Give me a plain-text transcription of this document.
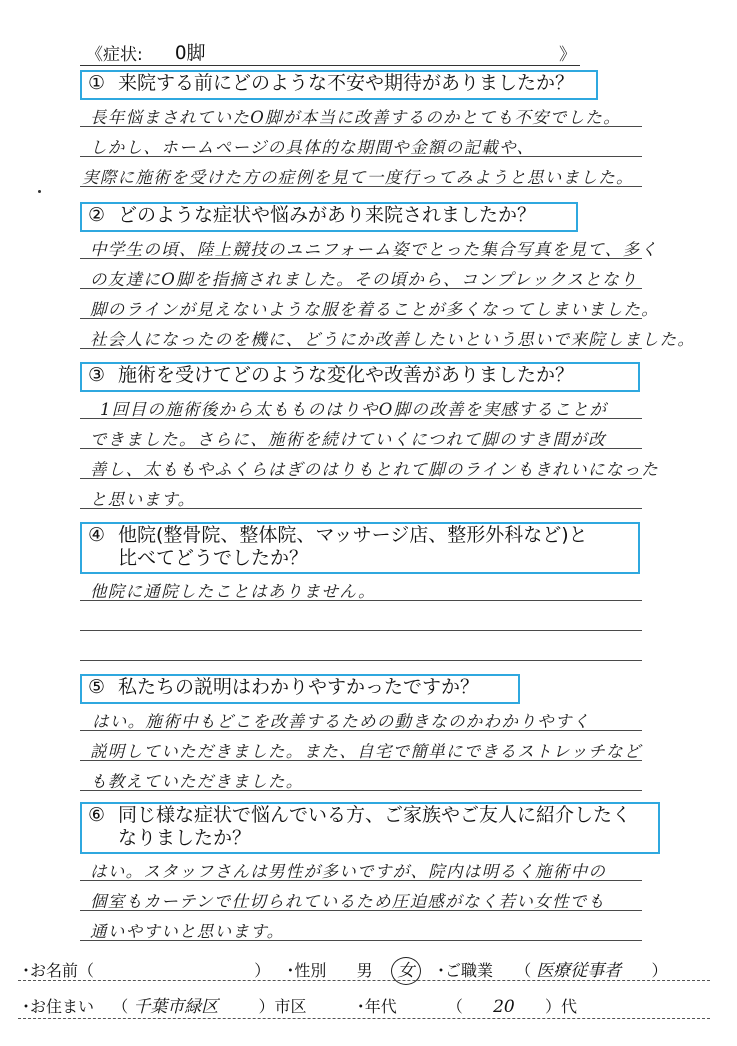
《症状: O脚	》
① 来院する前にどのような不安や期待がありましたか？
長年悩まされていたO脚が本当に改善するのかとても不安でした。
しかし、ホームページの具体的な期間や金額の記載や、
実際に施術を受けた方の症例を見て一度行ってみようと思いました。
② どのような症状や悩みがあり来院されましたか？
中学生の頃、陸上競技のユニフォーム姿でとった集合写真を見て、多く
の友達にO脚を指摘されました。その頃から、コンプレックスとなり
脚のラインが見えないような服を着ることが多くなってしまいました。
社会人になったのを機に、どうにか改善したいという思いで来院しました。
③ 施術を受けてどのような変化や改善がありましたか？
1回目の施術後から太もものはりやO脚の改善を実感することが
できました。さらに、施術を続けていくにつれて脚のすき間が改
善し、太ももやふくらはぎのはりもとれて脚のラインもきれいになった
と思います。
④ 他院(整骨院、整体院、マッサージ店、整形外科など)と
比べてどうでしたか？
他院に通院したことはありません。
⑤ 私たちの説明はわかりやすかったですか？
はい。施術中もどこを改善するための動きなのかわかりやすく
説明していただきました。また、自宅で簡単にできるストレッチなど
も教えていただきました。
⑥ 同じ様な症状で悩んでいる方、ご家族やご友人に紹介したく
なりましたか？
はい。スタッフさんは男性が多いですが、院内は明るく施術中の
個室もカーテンで仕切られているため圧迫感がなく若い女性でも
通いやすいと思います。
･お名前（	） ･性別 男 女 ･ご職業 （ 医療従事者 ）
･お住まい （ 千葉市緑区	）市区	･年代	（ 20 ）代
